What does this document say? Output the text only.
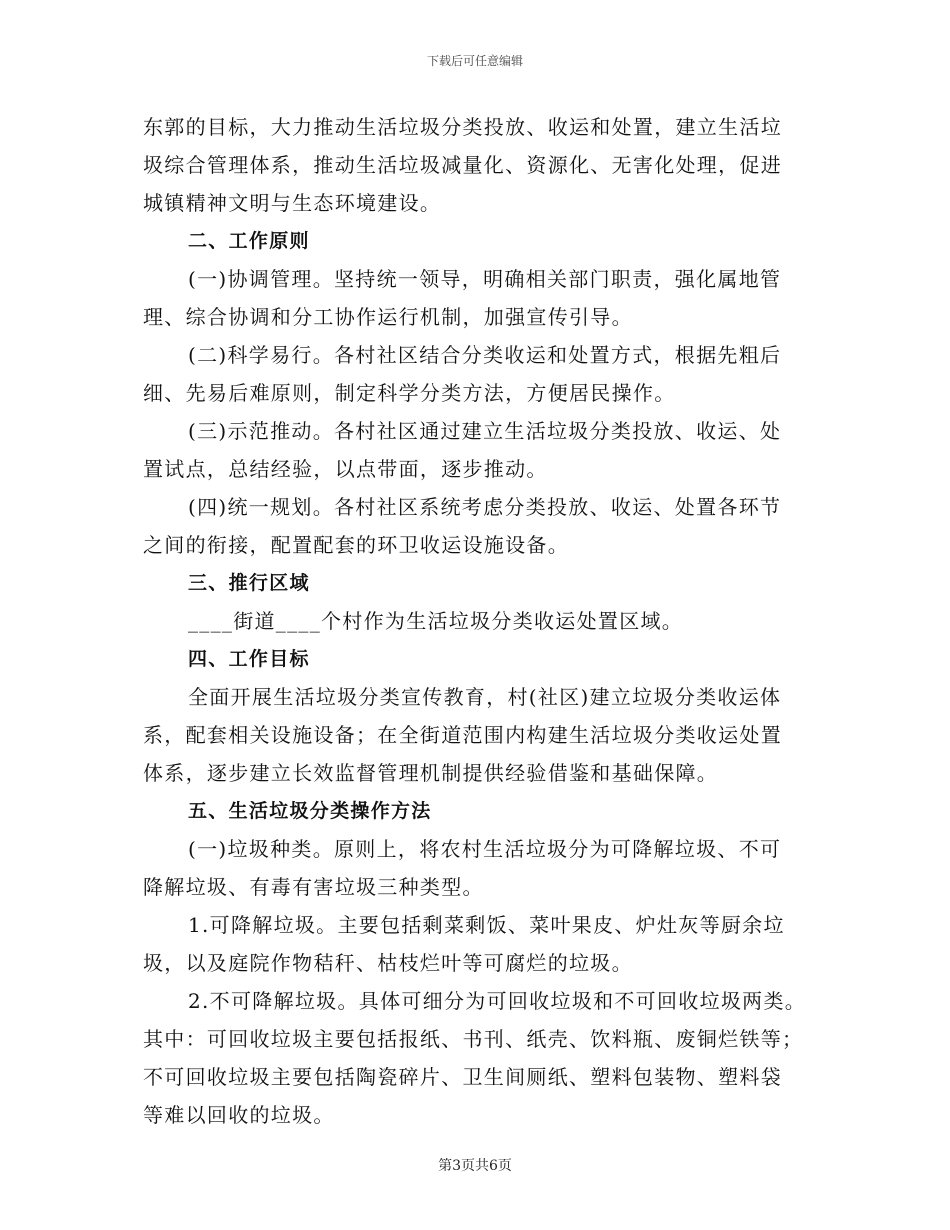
下载后可任意编辑
东郭的目标，大力推动生活垃圾分类投放、收运和处置，建立生活垃
圾综合管理体系，推动生活垃圾减量化、资源化、无害化处理，促进
城镇精神文明与生态环境建设。
二、工作原则
(一)协调管理。坚持统一领导，明确相关部门职责，强化属地管
理、综合协调和分工协作运行机制，加强宣传引导。
(二)科学易行。各村社区结合分类收运和处置方式，根据先粗后
细、先易后难原则，制定科学分类方法，方便居民操作。
(三)示范推动。各村社区通过建立生活垃圾分类投放、收运、处
置试点，总结经验，以点带面，逐步推动。
(四)统一规划。各村社区系统考虑分类投放、收运、处置各环节
之间的衔接，配置配套的环卫收运设施设备。
三、推行区域
____街道____个村作为生活垃圾分类收运处置区域。
四、工作目标
全面开展生活垃圾分类宣传教育，村(社区)建立垃圾分类收运体
系，配套相关设施设备；在全街道范围内构建生活垃圾分类收运处置
体系，逐步建立长效监督管理机制提供经验借鉴和基础保障。
五、生活垃圾分类操作方法
(一)垃圾种类。原则上，将农村生活垃圾分为可降解垃圾、不可
降解垃圾、有毒有害垃圾三种类型。
1.可降解垃圾。主要包括剩菜剩饭、菜叶果皮、炉灶灰等厨余垃
圾，以及庭院作物秸秆、枯枝烂叶等可腐烂的垃圾。
2.不可降解垃圾。具体可细分为可回收垃圾和不可回收垃圾两类。
其中：可回收垃圾主要包括报纸、书刊、纸壳、饮料瓶、废铜烂铁等；
不可回收垃圾主要包括陶瓷碎片、卫生间厕纸、塑料包装物、塑料袋
等难以回收的垃圾。
第3页共6页
